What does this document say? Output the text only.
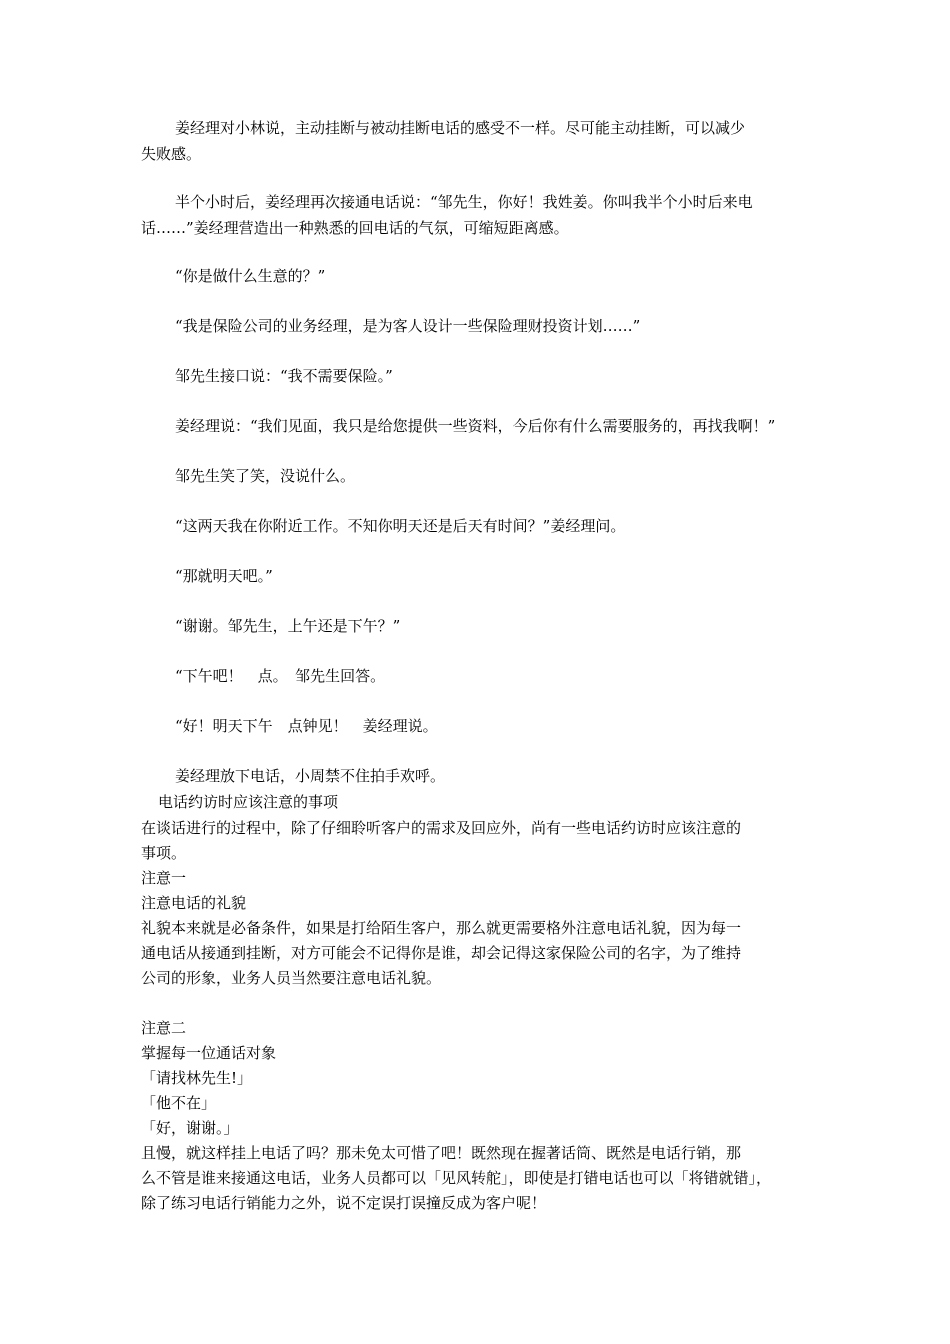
姜经理对小林说，主动挂断与被动挂断电话的感受不一样。尽可能主动挂断，可以减少
失败感。
半个小时后，姜经理再次接通电话说：“邹先生，你好！我姓姜。你叫我半个小时后来电
话……”姜经理营造出一种熟悉的回电话的气氛，可缩短距离感。
“你是做什么生意的？”
“我是保险公司的业务经理，是为客人设计一些保险理财投资计划……”
邹先生接口说：“我不需要保险。”
姜经理说：“我们见面，我只是给您提供一些资料，今后你有什么需要服务的，再找我啊！”
邹先生笑了笑，没说什么。
“这两天我在你附近工作。不知你明天还是后天有时间？”姜经理问。
“那就明天吧。”
“谢谢。邹先生，上午还是下午？”
“下午吧！　点。　邹先生回答。
“好！明天下午　点钟见！　姜经理说。
姜经理放下电话，小周禁不住拍手欢呼。
电话约访时应该注意的事项
在谈话进行的过程中，除了仔细聆听客户的需求及回应外，尚有一些电话约访时应该注意的
事项。
注意一
注意电话的礼貌
礼貌本来就是必备条件，如果是打给陌生客户，那么就更需要格外注意电话礼貌，因为每一
通电话从接通到挂断，对方可能会不记得你是谁，却会记得这家保险公司的名字，为了维持
公司的形象，业务人员当然要注意电话礼貌。
注意二
掌握每一位通话对象
「请找林先生!」
「他不在」
「好，谢谢。」
且慢，就这样挂上电话了吗？那未免太可惜了吧！既然现在握著话筒、既然是电话行销，那
么不管是谁来接通这电话，业务人员都可以「见风转舵」，即使是打错电话也可以「将错就错」，
除了练习电话行销能力之外，说不定误打误撞反成为客户呢！
